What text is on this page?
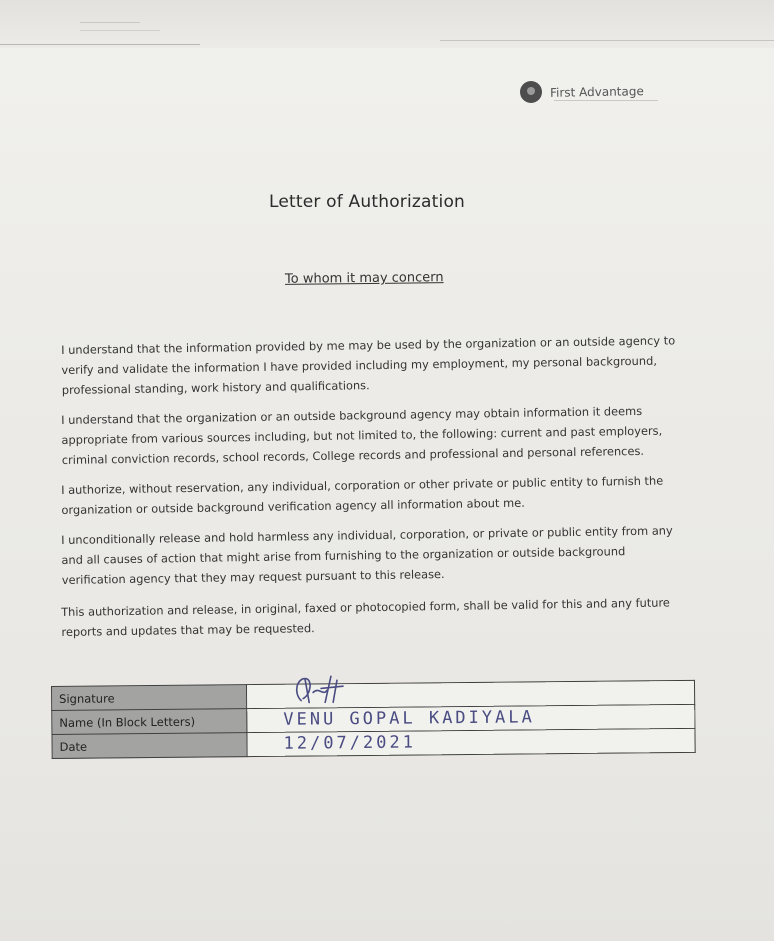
First Advantage
Letter of Authorization
To whom it may concern

I understand that the information provided by me may be used by the organization or an outside agency to verify and validate the information I have provided including my employment, my personal background, professional standing, work history and qualifications.

I understand that the organization or an outside background agency may obtain information it deems appropriate from various sources including, but not limited to, the following: current and past employers, criminal conviction records, school records, College records and professional and personal references.

I authorize, without reservation, any individual, corporation or other private or public entity to furnish the organization or outside background verification agency all information about me.

I unconditionally release and hold harmless any individual, corporation, or private or public entity from any and all causes of action that might arise from furnishing to the organization or outside background verification agency that they may request pursuant to this release.

This authorization and release, in original, faxed or photocopied form, shall be valid for this and any future reports and updates that may be requested.

Signature	

Name (In Block Letters)	VENU GOPAL KADIYALA

Date	12/07/2021
